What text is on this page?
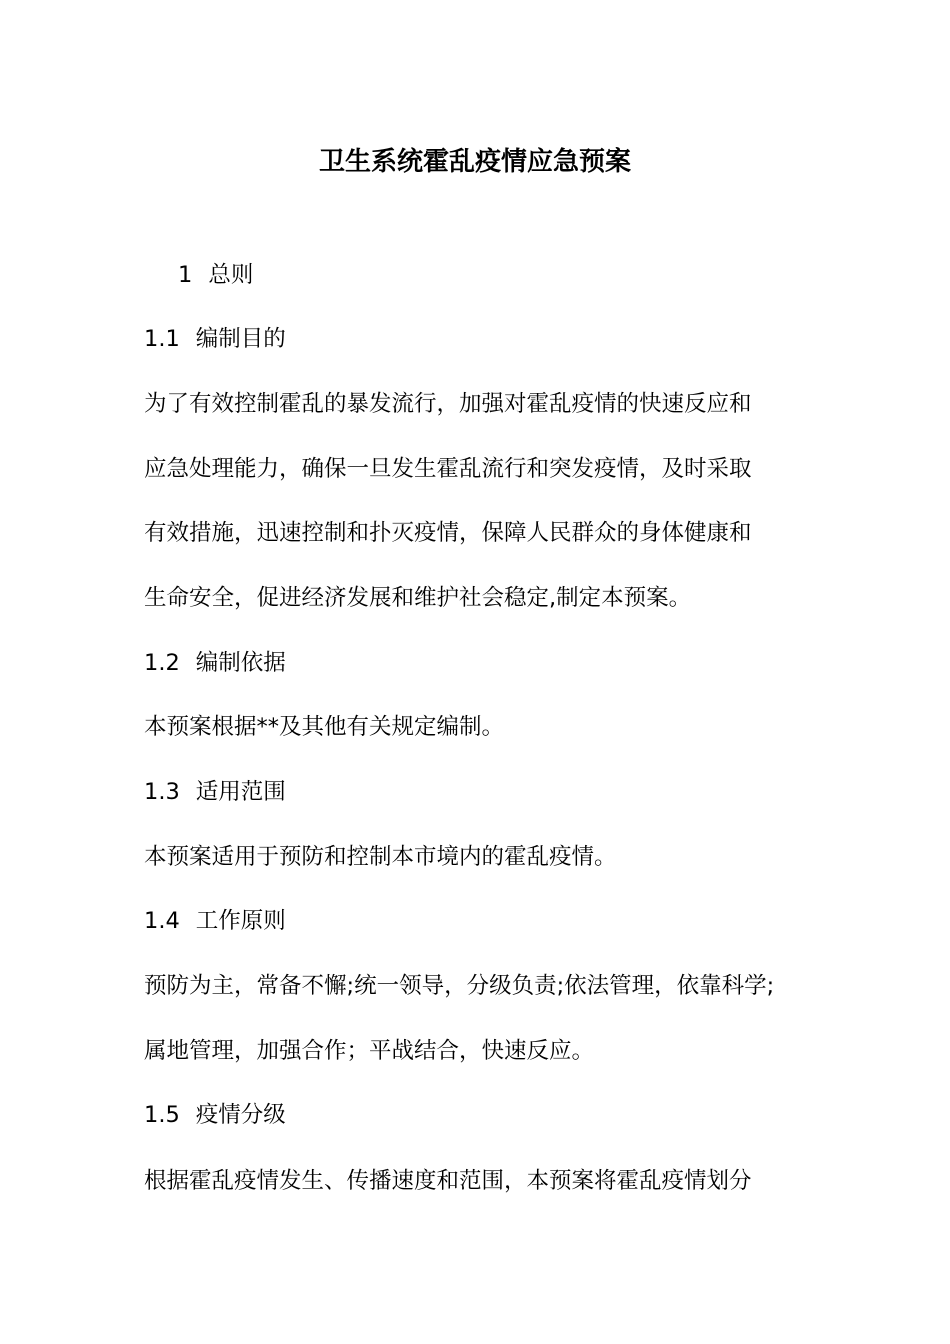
卫生系统霍乱疫情应急预案
1 总则
1.1 编制目的
为了有效控制霍乱的暴发流行，加强对霍乱疫情的快速反应和
应急处理能力，确保一旦发生霍乱流行和突发疫情，及时采取
有效措施，迅速控制和扑灭疫情，保障人民群众的身体健康和
生命安全，促进经济发展和维护社会稳定,制定本预案。
1.2 编制依据
本预案根据**及其他有关规定编制。
1.3 适用范围
本预案适用于预防和控制本市境内的霍乱疫情。
1.4 工作原则
预防为主，常备不懈;统一领导，分级负责;依法管理，依靠科学;
属地管理，加强合作；平战结合，快速反应。
1.5 疫情分级
根据霍乱疫情发生、传播速度和范围，本预案将霍乱疫情划分
